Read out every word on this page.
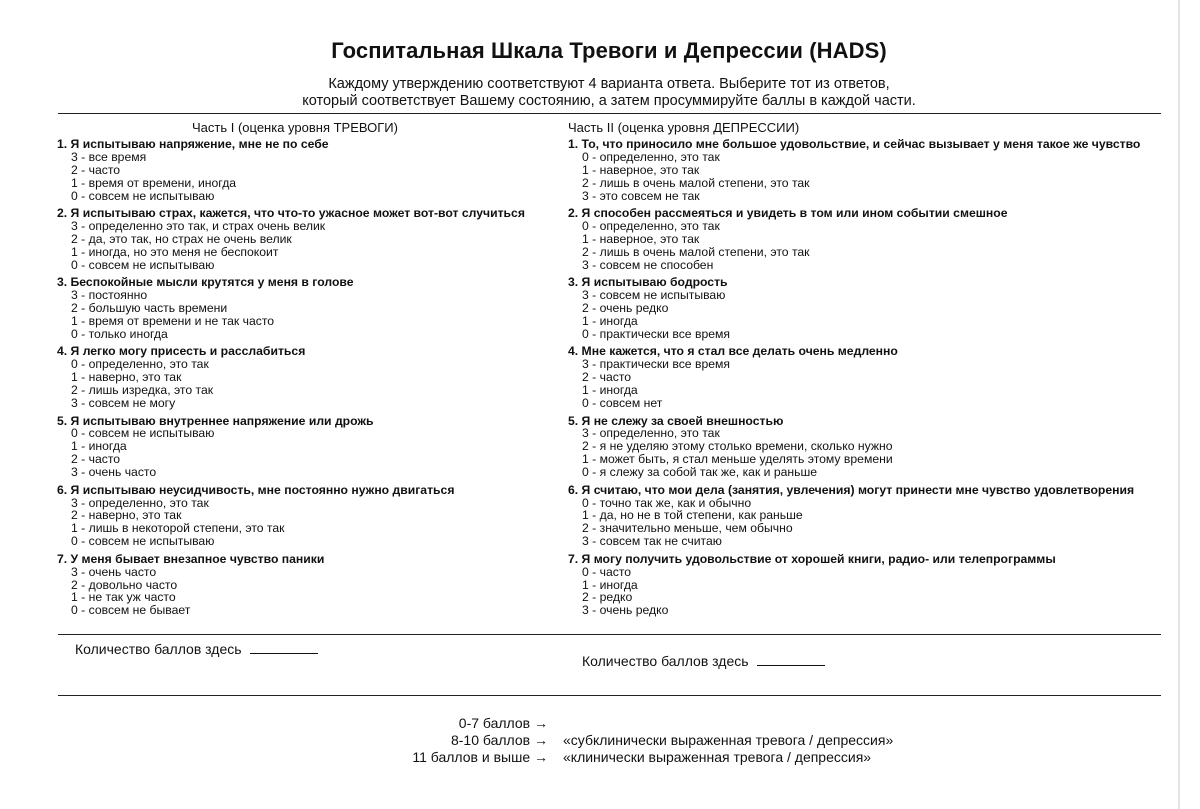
Госпитальная Шкала Тревоги и Депрессии (HADS)
Каждому утверждению соответствуют 4 варианта ответа. Выберите тот из ответов,
который соответствует Вашему состоянию, а затем просуммируйте баллы в каждой части.
Часть I (оценка уровня ТРЕВОГИ)
1. Я испытываю напряжение, мне не по себе
3 - все время
2 - часто
1 - время от времени, иногда
0 - совсем не испытываю
2. Я испытываю страх, кажется, что что-то ужасное может вот-вот случиться
3 - определенно это так, и страх очень велик
2 - да, это так, но страх не очень велик
1 - иногда, но это меня не беспокоит
0 - совсем не испытываю
3. Беспокойные мысли крутятся у меня в голове
3 - постоянно
2 - большую часть времени
1 - время от времени и не так часто
0 - только иногда
4. Я легко могу присесть и расслабиться
0 - определенно, это так
1 - наверно, это так
2 - лишь изредка, это так
3 - совсем не могу
5. Я испытываю внутреннее напряжение или дрожь
0 - совсем не испытываю
1 - иногда
2 - часто
3 - очень часто
6. Я испытываю неусидчивость, мне постоянно нужно двигаться
3 - определенно, это так
2 - наверно, это так
1 - лишь в некоторой степени, это так
0 - совсем не испытываю
7. У меня бывает внезапное чувство паники
3 - очень часто
2 - довольно часто
1 - не так уж часто
0 - совсем не бывает
Часть II (оценка уровня ДЕПРЕССИИ)
1. То, что приносило мне большое удовольствие, и сейчас вызывает у меня такое же чувство
0 - определенно, это так
1 - наверное, это так
2 - лишь в очень малой степени, это так
3 - это совсем не так
2. Я способен рассмеяться и увидеть в том или ином событии смешное
0 - определенно, это так
1 - наверное, это так
2 - лишь в очень малой степени, это так
3 - совсем не способен
3. Я испытываю бодрость
3 - совсем не испытываю
2 - очень редко
1 - иногда
0 - практически все время
4. Мне кажется, что я стал все делать очень медленно
3 - практически все время
2 - часто
1 - иногда
0 - совсем нет
5. Я не слежу за своей внешностью
3 - определенно, это так
2 - я не уделяю этому столько времени, сколько нужно
1 - может быть, я стал меньше уделять этому времени
0 - я слежу за собой так же, как и раньше
6. Я считаю, что мои дела (занятия, увлечения) могут принести мне чувство удовлетворения
0 - точно так же, как и обычно
1 - да, но не в той степени, как раньше
2 - значительно меньше, чем обычно
3 - совсем так не считаю
7. Я могу получить удовольствие от хорошей книги, радио- или телепрограммы
0 - часто
1 - иногда
2 - редко
3 - очень редко
Количество баллов здесь
Количество баллов здесь
0-7 баллов →
8-10 баллов →
11 баллов и выше →
«субклинически выраженная тревога / депрессия»
«клинически выраженная тревога / депрессия»
